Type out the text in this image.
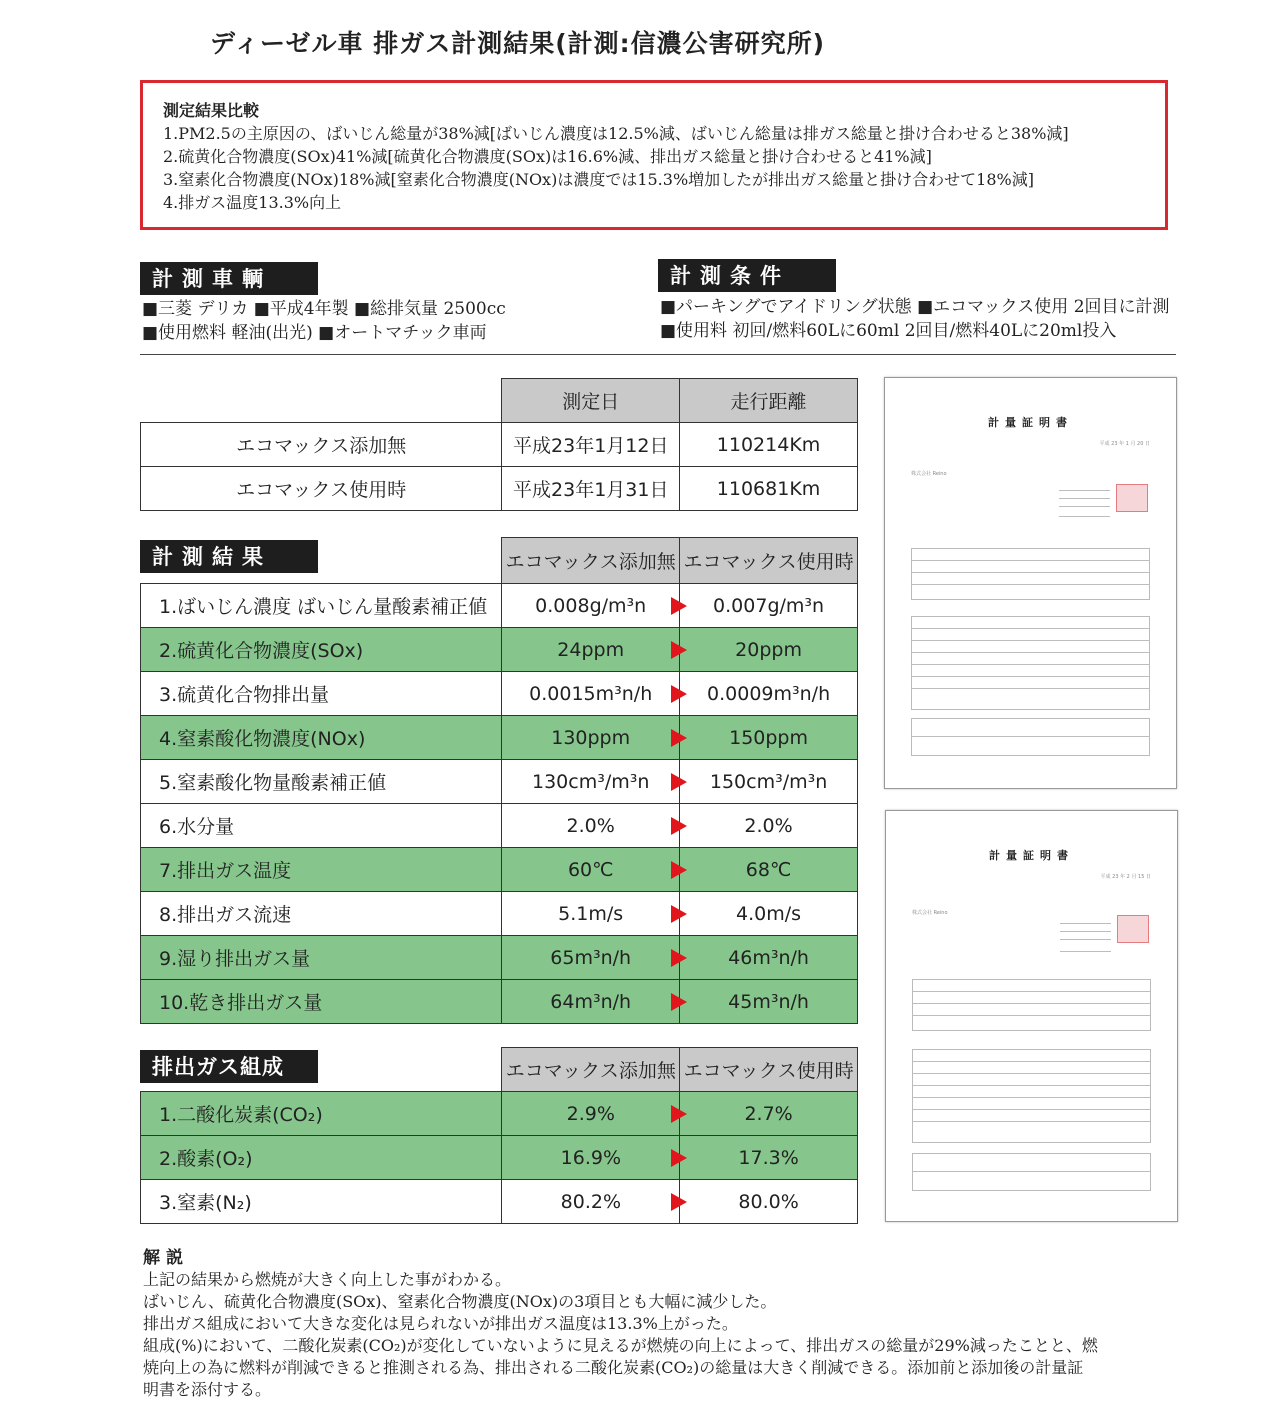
ディーゼル車 排ガス計測結果(計測:信濃公害研究所)
測定結果比較
1.PM2.5の主原因の、ばいじん総量が38%減[ばいじん濃度は12.5%減、ばいじん総量は排ガス総量と掛け合わせると38%減]
2.硫黄化合物濃度(SOx)41%減[硫黄化合物濃度(SOx)は16.6%減、排出ガス総量と掛け合わせると41%減]
3.窒素化合物濃度(NOx)18%減[窒素化合物濃度(NOx)は濃度では15.3%増加したが排出ガス総量と掛け合わせて18%減]
4.排ガス温度13.3%向上
計測車輌
■三菱 デリカ ■平成4年製 ■総排気量 2500cc
■使用燃料 軽油(出光) ■オートマチック車両
計測条件
■パーキングでアイドリング状態 ■エコマックス使用 2回目に計測
■使用料 初回/燃料60Lに60ml 2回目/燃料40Lに20ml投入
	測定日	走行距離
エコマックス添加無	平成23年1月12日	110214Km
エコマックス使用時	平成23年1月31日	110681Km
計測結果
		エコマックス添加無	エコマックス使用時
1.ばいじん濃度 ばいじん量酸素補正値	0.008g/m³n	0.007g/m³n
2.硫黄化合物濃度(SOx)	24ppm	20ppm
3.硫黄化合物排出量	0.0015m³n/h	0.0009m³n/h
4.窒素酸化物濃度(NOx)	130ppm	150ppm
5.窒素酸化物量酸素補正値	130cm³/m³n	150cm³/m³n
6.水分量	2.0%	2.0%
7.排出ガス温度	60℃	68℃
8.排出ガス流速	5.1m/s	4.0m/s
9.湿り排出ガス量	65m³n/h	46m³n/h
10.乾き排出ガス量	64m³n/h	45m³n/h
排出ガス組成
		エコマックス添加無	エコマックス使用時
1.二酸化炭素(CO₂)	2.9%	2.7%
2.酸素(O₂)	16.9%	17.3%
3.窒素(N₂)	80.2%	80.0%
計量証明書
平成 23 年 1 月 20 日
株式会社 Reino
計量証明書
平成 23 年 2 月 15 日
株式会社 Reino
解説
上記の結果から燃焼が大きく向上した事がわかる。
ばいじん、硫黄化合物濃度(SOx)、窒素化合物濃度(NOx)の3項目とも大幅に減少した。
排出ガス組成において大きな変化は見られないが排出ガス温度は13.3%上がった。
組成(%)において、二酸化炭素(CO₂)が変化していないように見えるが燃焼の向上によって、排出ガスの総量が29%減ったことと、燃
焼向上の為に燃料が削減できると推測される為、排出される二酸化炭素(CO₂)の総量は大きく削減できる。添加前と添加後の計量証
明書を添付する。
